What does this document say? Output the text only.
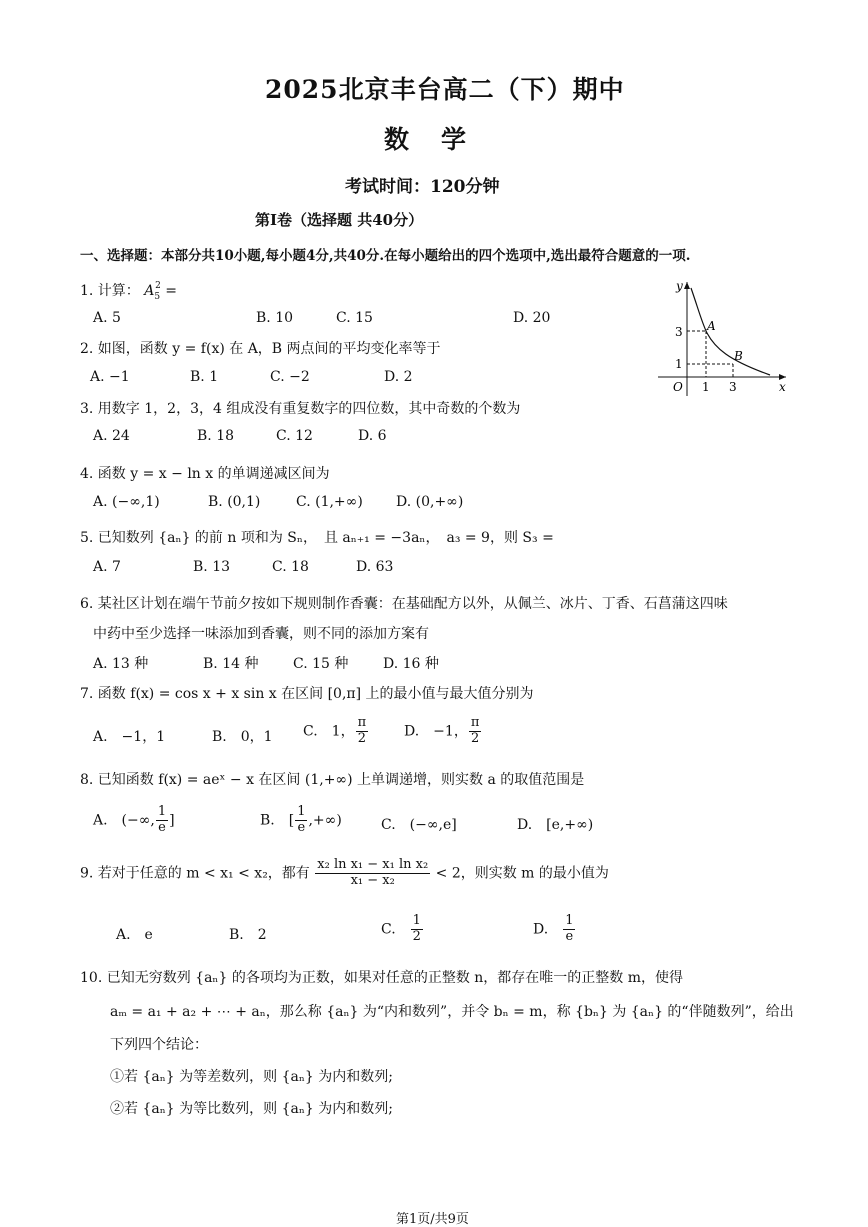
2025北京丰台高二（下）期中
数学
考试时间：120分钟
第I卷（选择题 共40分）
一、选择题：本部分共10小题,每小题4分,共40分.在每小题给出的四个选项中,选出最符合题意的一项.
y
x
O
3
1
1 3
A
B
1. 计算： $A_5^2$ =
A. 5	B. 10	C. 15	D. 20
2. 如图，函数 y = f(x) 在 A，B 两点间的平均变化率等于
A. −1	B. 1	C. −2	D. 2
3. 用数字 1，2，3，4 组成没有重复数字的四位数，其中奇数的个数为
A. 24	B. 18	C. 12	D. 6
4. 函数 y = x − ln x 的单调递减区间为
A. (−∞,1)	B. (0,1)	C. (1,+∞) D. (0,+∞)
5. 已知数列 {aₙ} 的前 n 项和为 Sₙ，　且 aₙ₊₁ = −3aₙ，　a₃ = 9，则 S₃ =
A. 7	B. 13	C. 18	D. 63
6. 某社区计划在端午节前夕按如下规则制作香囊：在基础配方以外，从佩兰、冰片、丁香、石菖蒲这四味
中药中至少选择一味添加到香囊，则不同的添加方案有
A. 13 种	B. 14 种 C. 15 种 D. 16 种
7. 函数 f(x) = cos x + x sin x 在区间 [0,π] 上的最小值与最大值分别为
A.　−1，1	B.　0，1 C.　1， $\frac{\pi}{2}$	D.　−1， $\frac{\pi}{2}$
8. 已知函数 f(x) = aeˣ − x 在区间 (1,+∞) 上单调递增，则实数 a 的取值范围是
A.　(−∞, $\frac{1}{e}$ ]	B.　[ $\frac{1}{e}$ ,+∞)	C.　(−∞,e]	D.　[e,+∞)
9. 若对于任意的 m < x₁ < x₂，都有 $\frac{\text{x₂ ln x₁ − x₁ ln x₂}}{\text{x₁ − x₂}} < 2$，则实数 m 的最小值为
A.　e	B.　2	C.　 $\frac{1}{2}$	D.　 $\frac{1}{e}$
10. 已知无穷数列 {aₙ} 的各项均为正数，如果对任意的正整数 n，都存在唯一的正整数 m，使得
aₘ = a₁ + a₂ + ⋯ + aₙ，那么称 {aₙ} 为“内和数列”，并令 bₙ = m，称 {bₙ} 为 {aₙ} 的“伴随数列”，给出
下列四个结论：
①若 {aₙ} 为等差数列，则 {aₙ} 为内和数列;
②若 {aₙ} 为等比数列，则 {aₙ} 为内和数列;
第1页/共9页
